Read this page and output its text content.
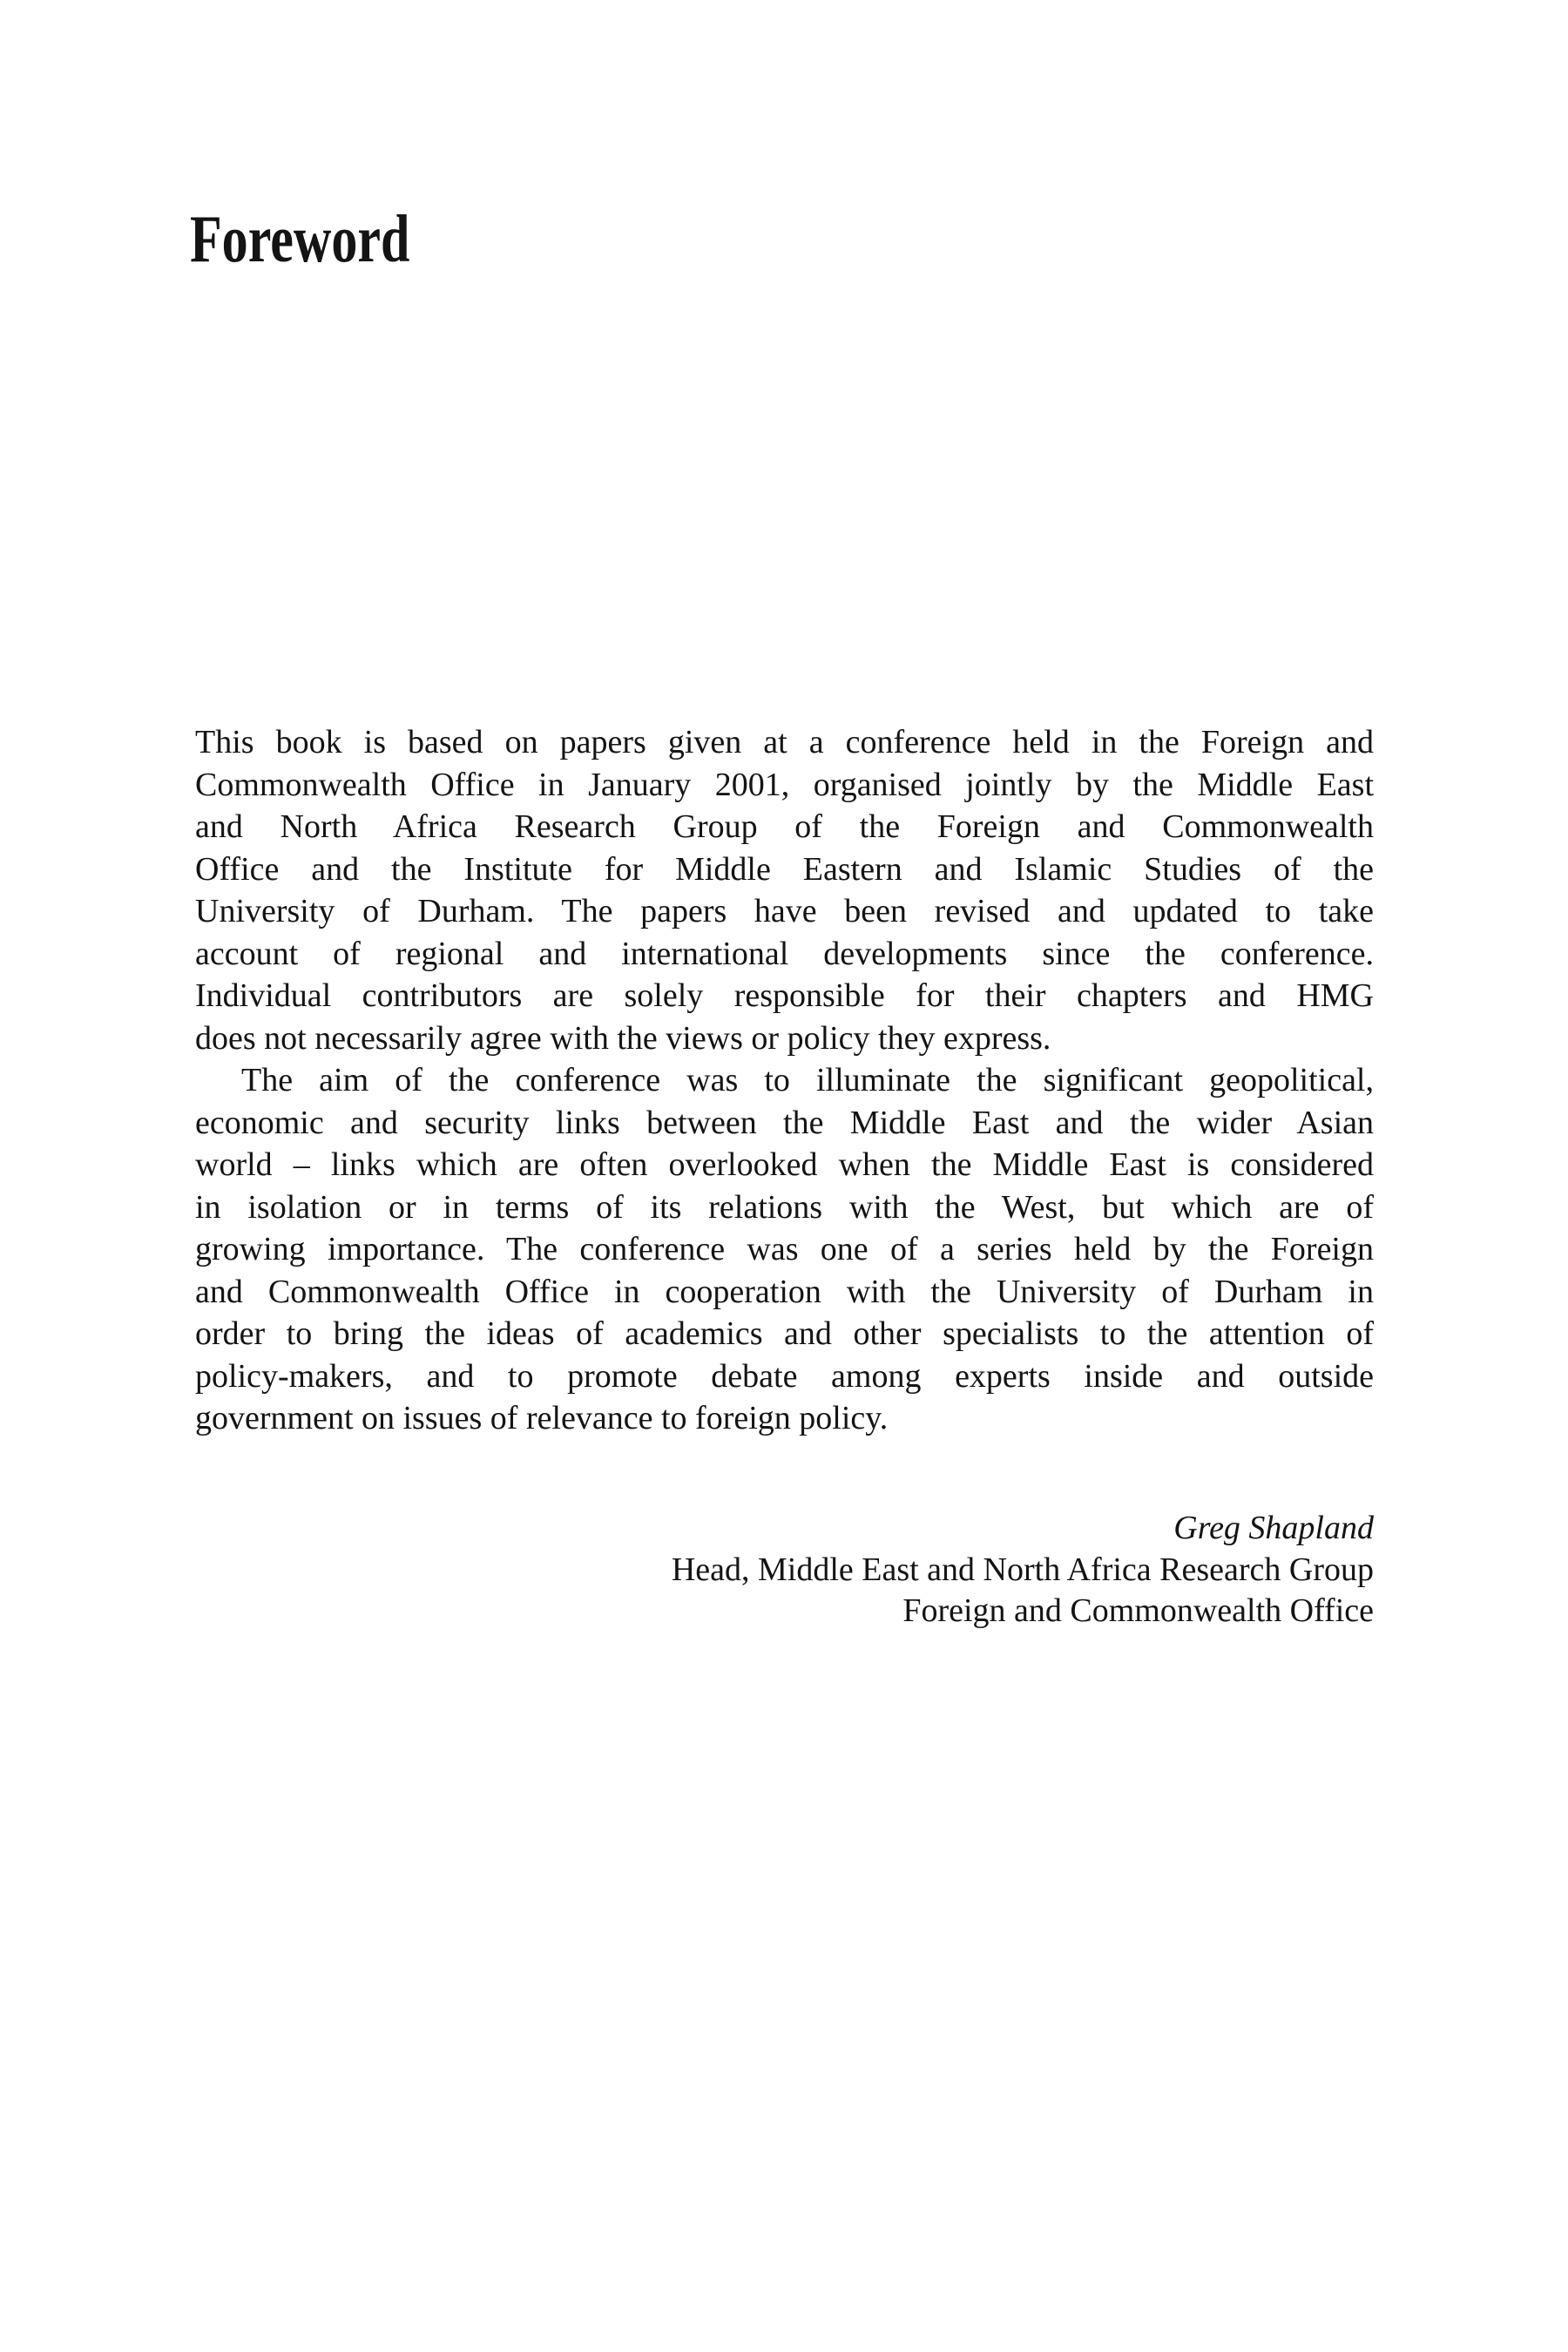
Foreword
This book is based on papers given at a conference held in the Foreign and
Commonwealth Office in January 2001, organised jointly by the Middle East
and North Africa Research Group of the Foreign and Commonwealth
Office and the Institute for Middle Eastern and Islamic Studies of the
University of Durham. The papers have been revised and updated to take
account of regional and international developments since the conference.
Individual contributors are solely responsible for their chapters and HMG
does not necessarily agree with the views or policy they express.
The aim of the conference was to illuminate the significant geopolitical,
economic and security links between the Middle East and the wider Asian
world – links which are often overlooked when the Middle East is considered
in isolation or in terms of its relations with the West, but which are of
growing importance. The conference was one of a series held by the Foreign
and Commonwealth Office in cooperation with the University of Durham in
order to bring the ideas of academics and other specialists to the attention of
policy-makers, and to promote debate among experts inside and outside
government on issues of relevance to foreign policy.
Greg Shapland
Head, Middle East and North Africa Research Group
Foreign and Commonwealth Office
